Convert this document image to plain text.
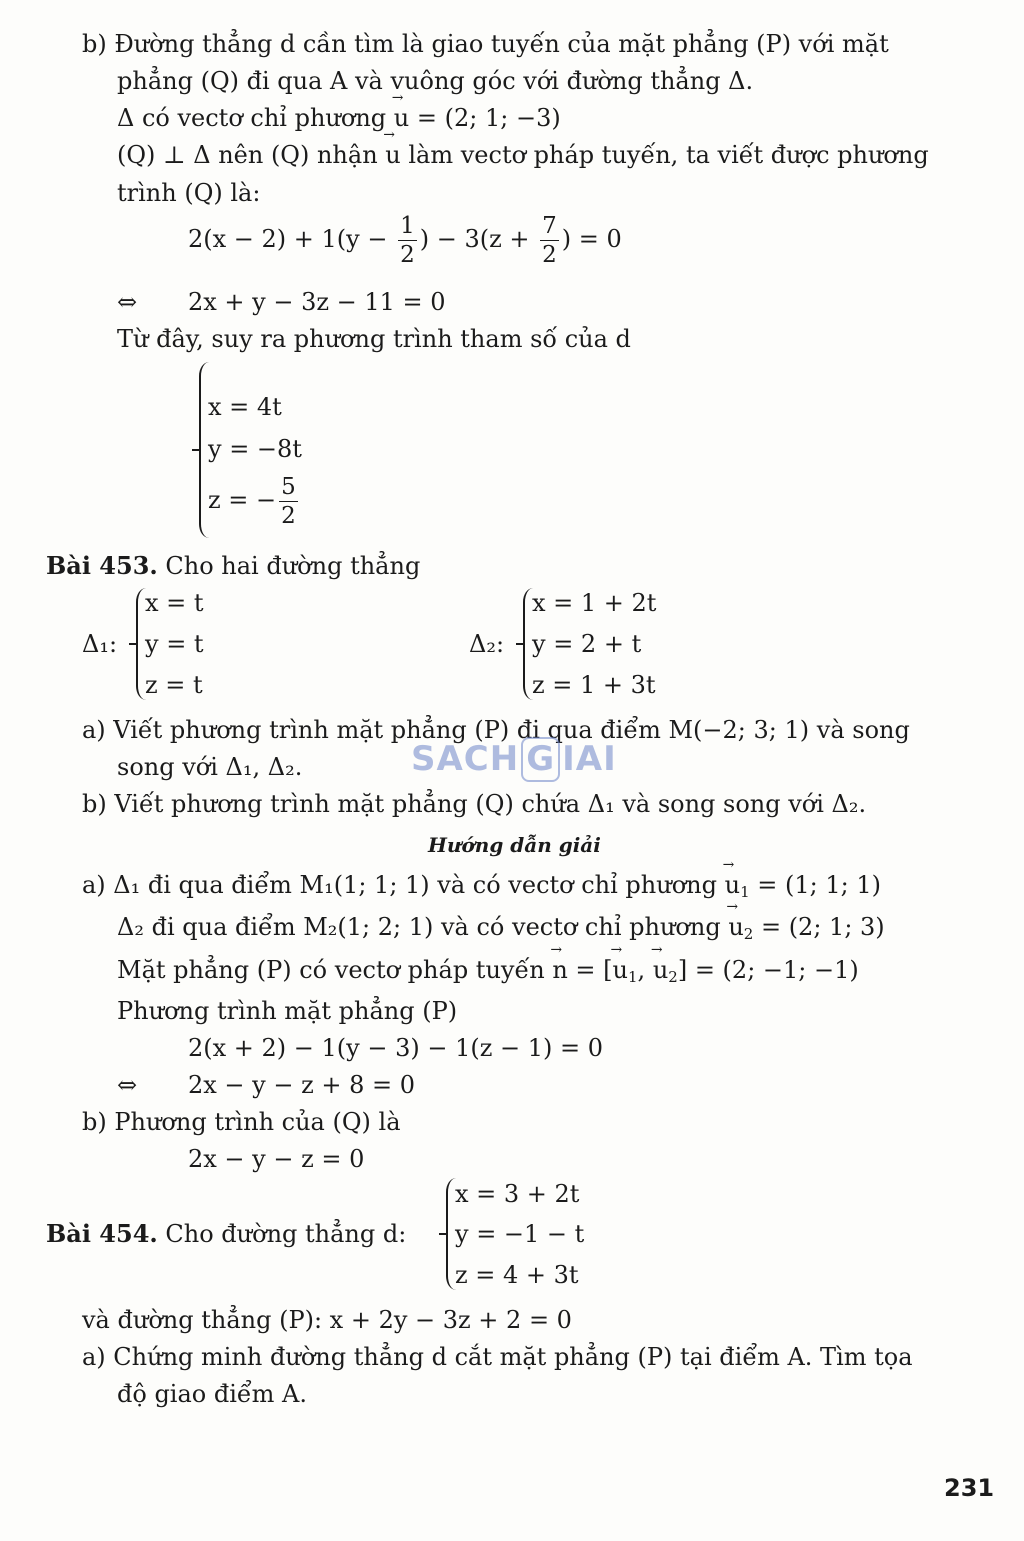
b) Đường thẳng d cần tìm là giao tuyến của mặt phẳng (P) với mặt
phẳng (Q) đi qua A và vuông góc với đường thẳng Δ.
Δ có vectơ chỉ phương → u = (2; 1; −3)
(Q) ⊥ Δ nên (Q) nhận → u làm vectơ pháp tuyến, ta viết được phương
trình (Q) là:
$2(x - 2) + 1(y - \frac{1}{2}$ ) − $3(z + \frac{7}{2}$ ) = 0
⇔ 2x + y − 3z − 11 = 0
Từ đây, suy ra phương trình tham số của d
x = 4t
y = −8t
z = − $\frac{5}{2}$
Bài 453. Cho hai đường thẳng
Δ₁:
x = t
y = t
z = t
Δ₂:
x = 1 + 2t
y = 2 + t
z = 1 + 3t
a) Viết phương trình mặt phẳng (P) đi qua điểm M(−2; 3; 1) và song
song với Δ₁, Δ₂.
b) Viết phương trình mặt phẳng (Q) chứa Δ₁ và song song với Δ₂.
SACH G IAI
Hướng dẫn giải
a) Δ₁ đi qua điểm M₁(1; 1; 1) và có vectơ chỉ phương → $u_1 = (1$; 1; 1)
Δ₂ đi qua điểm M₂(1; 2; 1) và có vectơ chỉ phương → $u_2 = (2$; 1; 3)
Mặt phẳng (P) có vectơ pháp tuyến → n = [→ $u_1$, → $u_2] = (2$; −1; −1)
Phương trình mặt phẳng (P)
2(x + 2) − 1(y − 3) − 1(z − 1) = 0
⇔ 2x − y − z + 8 = 0
b) Phương trình của (Q) là
2x − y − z = 0
Bài 454. Cho đường thẳng d:
x = 3 + 2t
y = −1 − t
z = 4 + 3t
và đường thẳng (P): x + 2y − 3z + 2 = 0
a) Chứng minh đường thẳng d cắt mặt phẳng (P) tại điểm A. Tìm tọa
độ giao điểm A.
231
